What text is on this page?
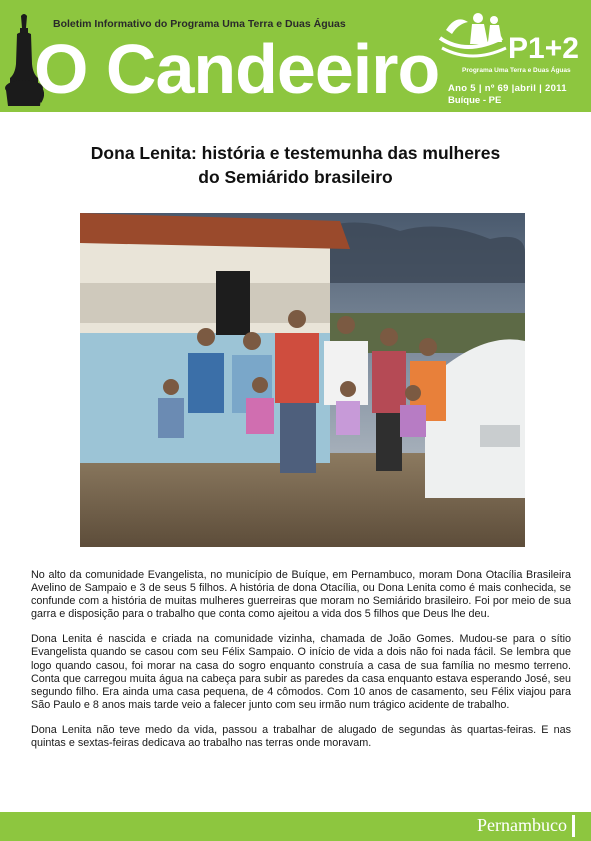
Boletim Informativo do Programa Uma Terra e Duas Águas
O Candeeiro P1+2
Programa Uma Terra e Duas Águas
Ano 5 | nº 69 |abril | 2011
Buíque - PE
Dona Lenita: história e testemunha das mulheres
do Semiárido brasileiro

No alto da comunidade Evangelista, no município de Buíque, em Pernambuco, moram Dona Otacília Brasileira Avelino de Sampaio e 3 de seus 5 filhos. A história de dona Otacília, ou Dona Lenita como é mais conhecida, se confunde com a história de muitas mulheres guerreiras que moram no Semiárido brasileiro. Foi por meio de sua garra e disposição para o trabalho que conta como ajeitou a vida dos 5 filhos que Deus lhe deu.

Dona Lenita é nascida e criada na comunidade vizinha, chamada de João Gomes. Mudou-se para o sítio Evangelista quando se casou com seu Félix Sampaio. O início de vida a dois não foi nada fácil. Se lembra que logo quando casou, foi morar na casa do sogro enquanto construía a casa de sua família no mesmo terreno. Conta que carregou muita água na cabeça para subir as paredes da casa enquanto estava esperando José, seu segundo filho. Era ainda uma casa pequena, de 4 cômodos. Com 10 anos de casamento, seu Félix viajou para São Paulo e 8 anos mais tarde veio a falecer junto com seu irmão num trágico acidente de trabalho.

Dona Lenita não teve medo da vida, passou a trabalhar de alugado de segundas às quartas-feiras. E nas quintas e sextas-feiras dedicava ao trabalho nas terras onde moravam.

Pernambuco
